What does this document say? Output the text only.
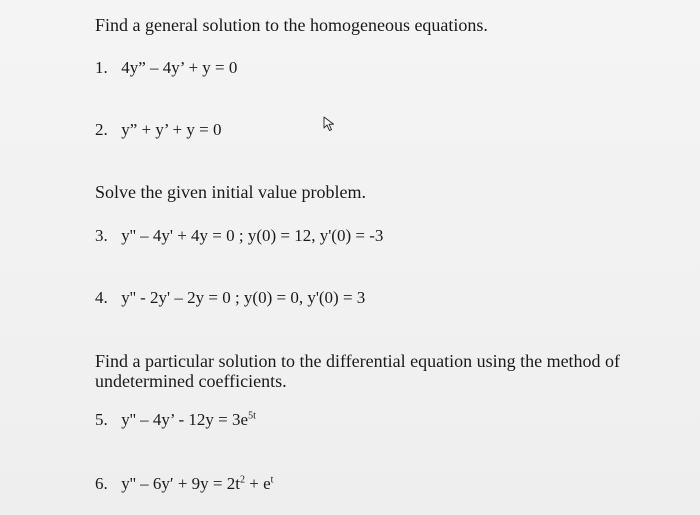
Find a general solution to the homogeneous equations.
1. 4y” – 4y’ + y = 0
2. y” + y’ + y = 0
Solve the given initial value problem.
3. y'' – 4y' + 4y = 0 ; y(0) = 12, y'(0) = -3
4. y'' - 2y' – 2y = 0 ; y(0) = 0, y'(0) = 3
Find a particular solution to the differential equation using the method of
undetermined coefficients.
5. y'' – 4y’ - $12y = 3e^{5t}$
6. $y'' - 6y' + 9y = 2t^2 + e^t$
